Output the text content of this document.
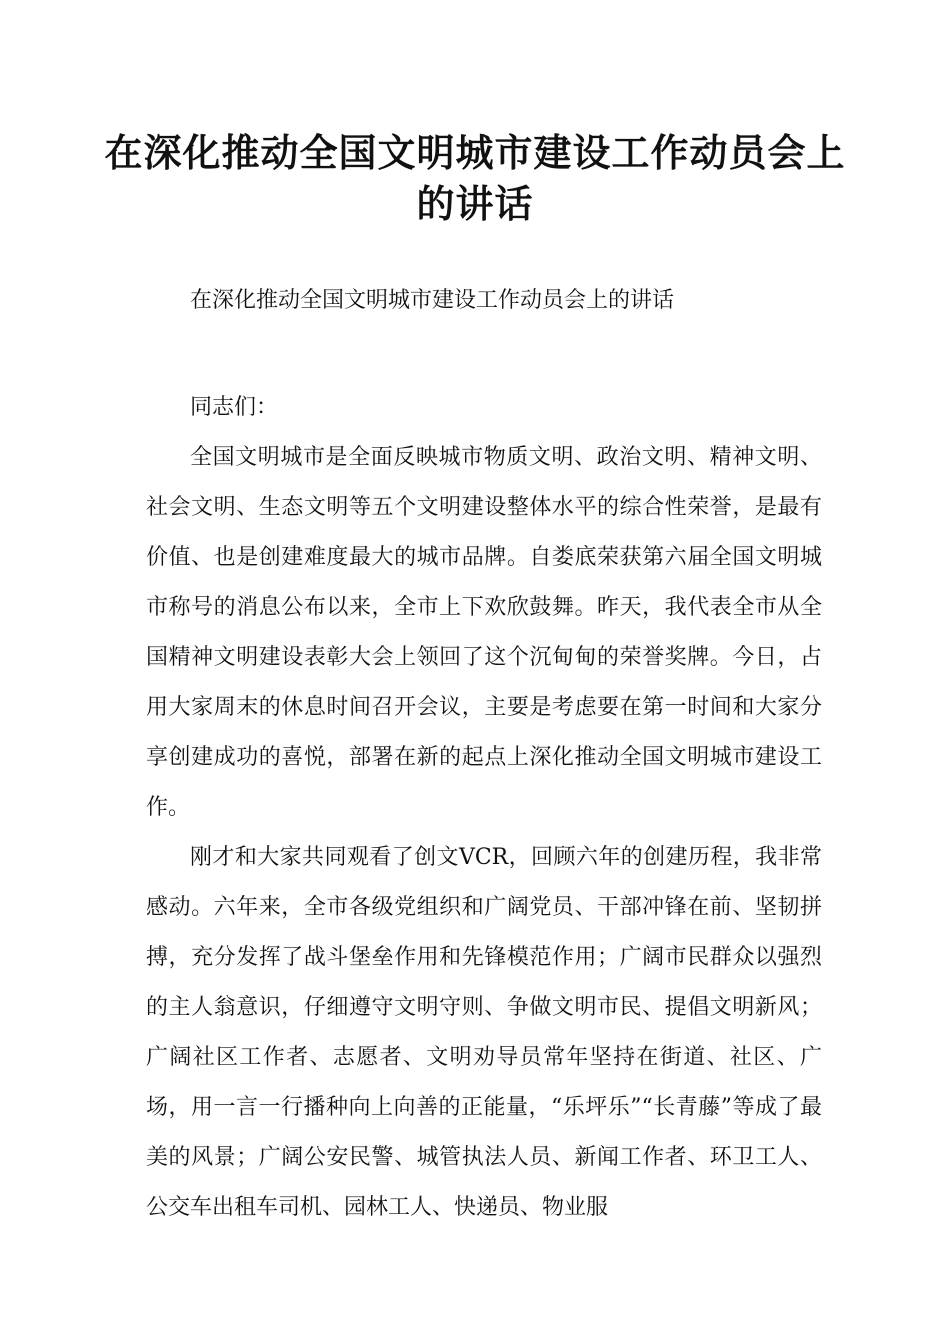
在深化推动全国文明城市建设工作动员会上的讲话

在深化推动全国文明城市建设工作动员会上的讲话

同志们：

全国文明城市是全面反映城市物质文明、政治文明、精神文明、社会文明、生态文明等五个文明建设整体水平的综合性荣誉，是最有价值、也是创建难度最大的城市品牌。自娄底荣获第六届全国文明城市称号的消息公布以来，全市上下欢欣鼓舞。昨天，我代表全市从全国精神文明建设表彰大会上领回了这个沉甸甸的荣誉奖牌。今日，占用大家周末的休息时间召开会议，主要是考虑要在第一时间和大家分享创建成功的喜悦，部署在新的起点上深化推动全国文明城市建设工作。

刚才和大家共同观看了创文VCR，回顾六年的创建历程，我非常感动。六年来，全市各级党组织和广阔党员、干部冲锋在前、坚韧拼搏，充分发挥了战斗堡垒作用和先锋模范作用；广阔市民群众以强烈的主人翁意识，仔细遵守文明守则、争做文明市民、提倡文明新风；广阔社区工作者、志愿者、文明劝导员常年坚持在街道、社区、广场，用一言一行播种向上向善的正能量，“乐坪乐”“长青藤”等成了最美的风景；广阔公安民警、城管执法人员、新闻工作者、环卫工人、公交车出租车司机、园林工人、快递员、物业服
